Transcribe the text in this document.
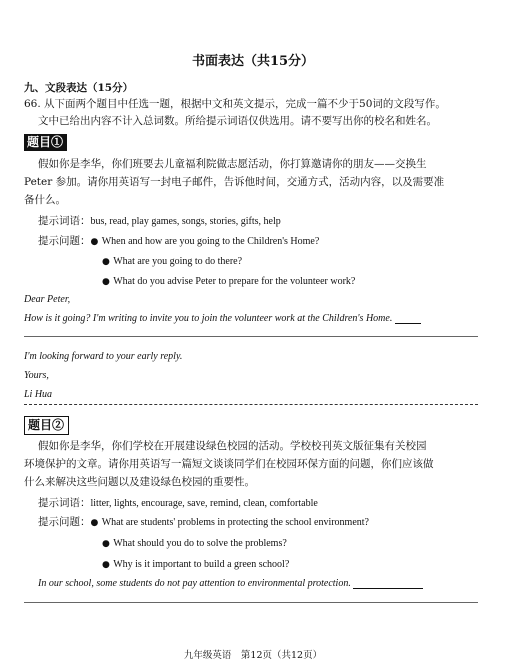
书面表达（共15分）
九、文段表达（15分）
66. 从下面两个题目中任选一题，根据中文和英文提示，完成一篇不少于50词的文段写作。
文中已给出内容不计入总词数。所给提示词语仅供选用。请不要写出你的校名和姓名。
题目①
假如你是李华，你们班要去儿童福利院做志愿活动，你打算邀请你的朋友——交换生
Peter 参加。请你用英语写一封电子邮件，告诉他时间，交通方式，活动内容，以及需要准
备什么。
提示词语：bus, read, play games, songs, stories, gifts, help
提示问题：● When and how are you going to the Children's Home?
● What are you going to do there?
● What do you advise Peter to prepare for the volunteer work?
Dear Peter,
How is it going? I'm writing to invite you to join the volunteer work at the Children's Home.
I'm looking forward to your early reply.
Yours,
Li Hua
题目②
假如你是李华，你们学校在开展建设绿色校园的活动。学校校刊英文版征集有关校园
环境保护的文章。请你用英语写一篇短文谈谈同学们在校园环保方面的问题，你们应该做
什么来解决这些问题以及建设绿色校园的重要性。
提示词语：litter, lights, encourage, save, remind, clean, comfortable
提示问题：● What are students' problems in protecting the school environment?
● What should you do to solve the problems?
● Why is it important to build a green school?
In our school, some students do not pay attention to environmental protection.
九年级英语　第12页（共12页）
